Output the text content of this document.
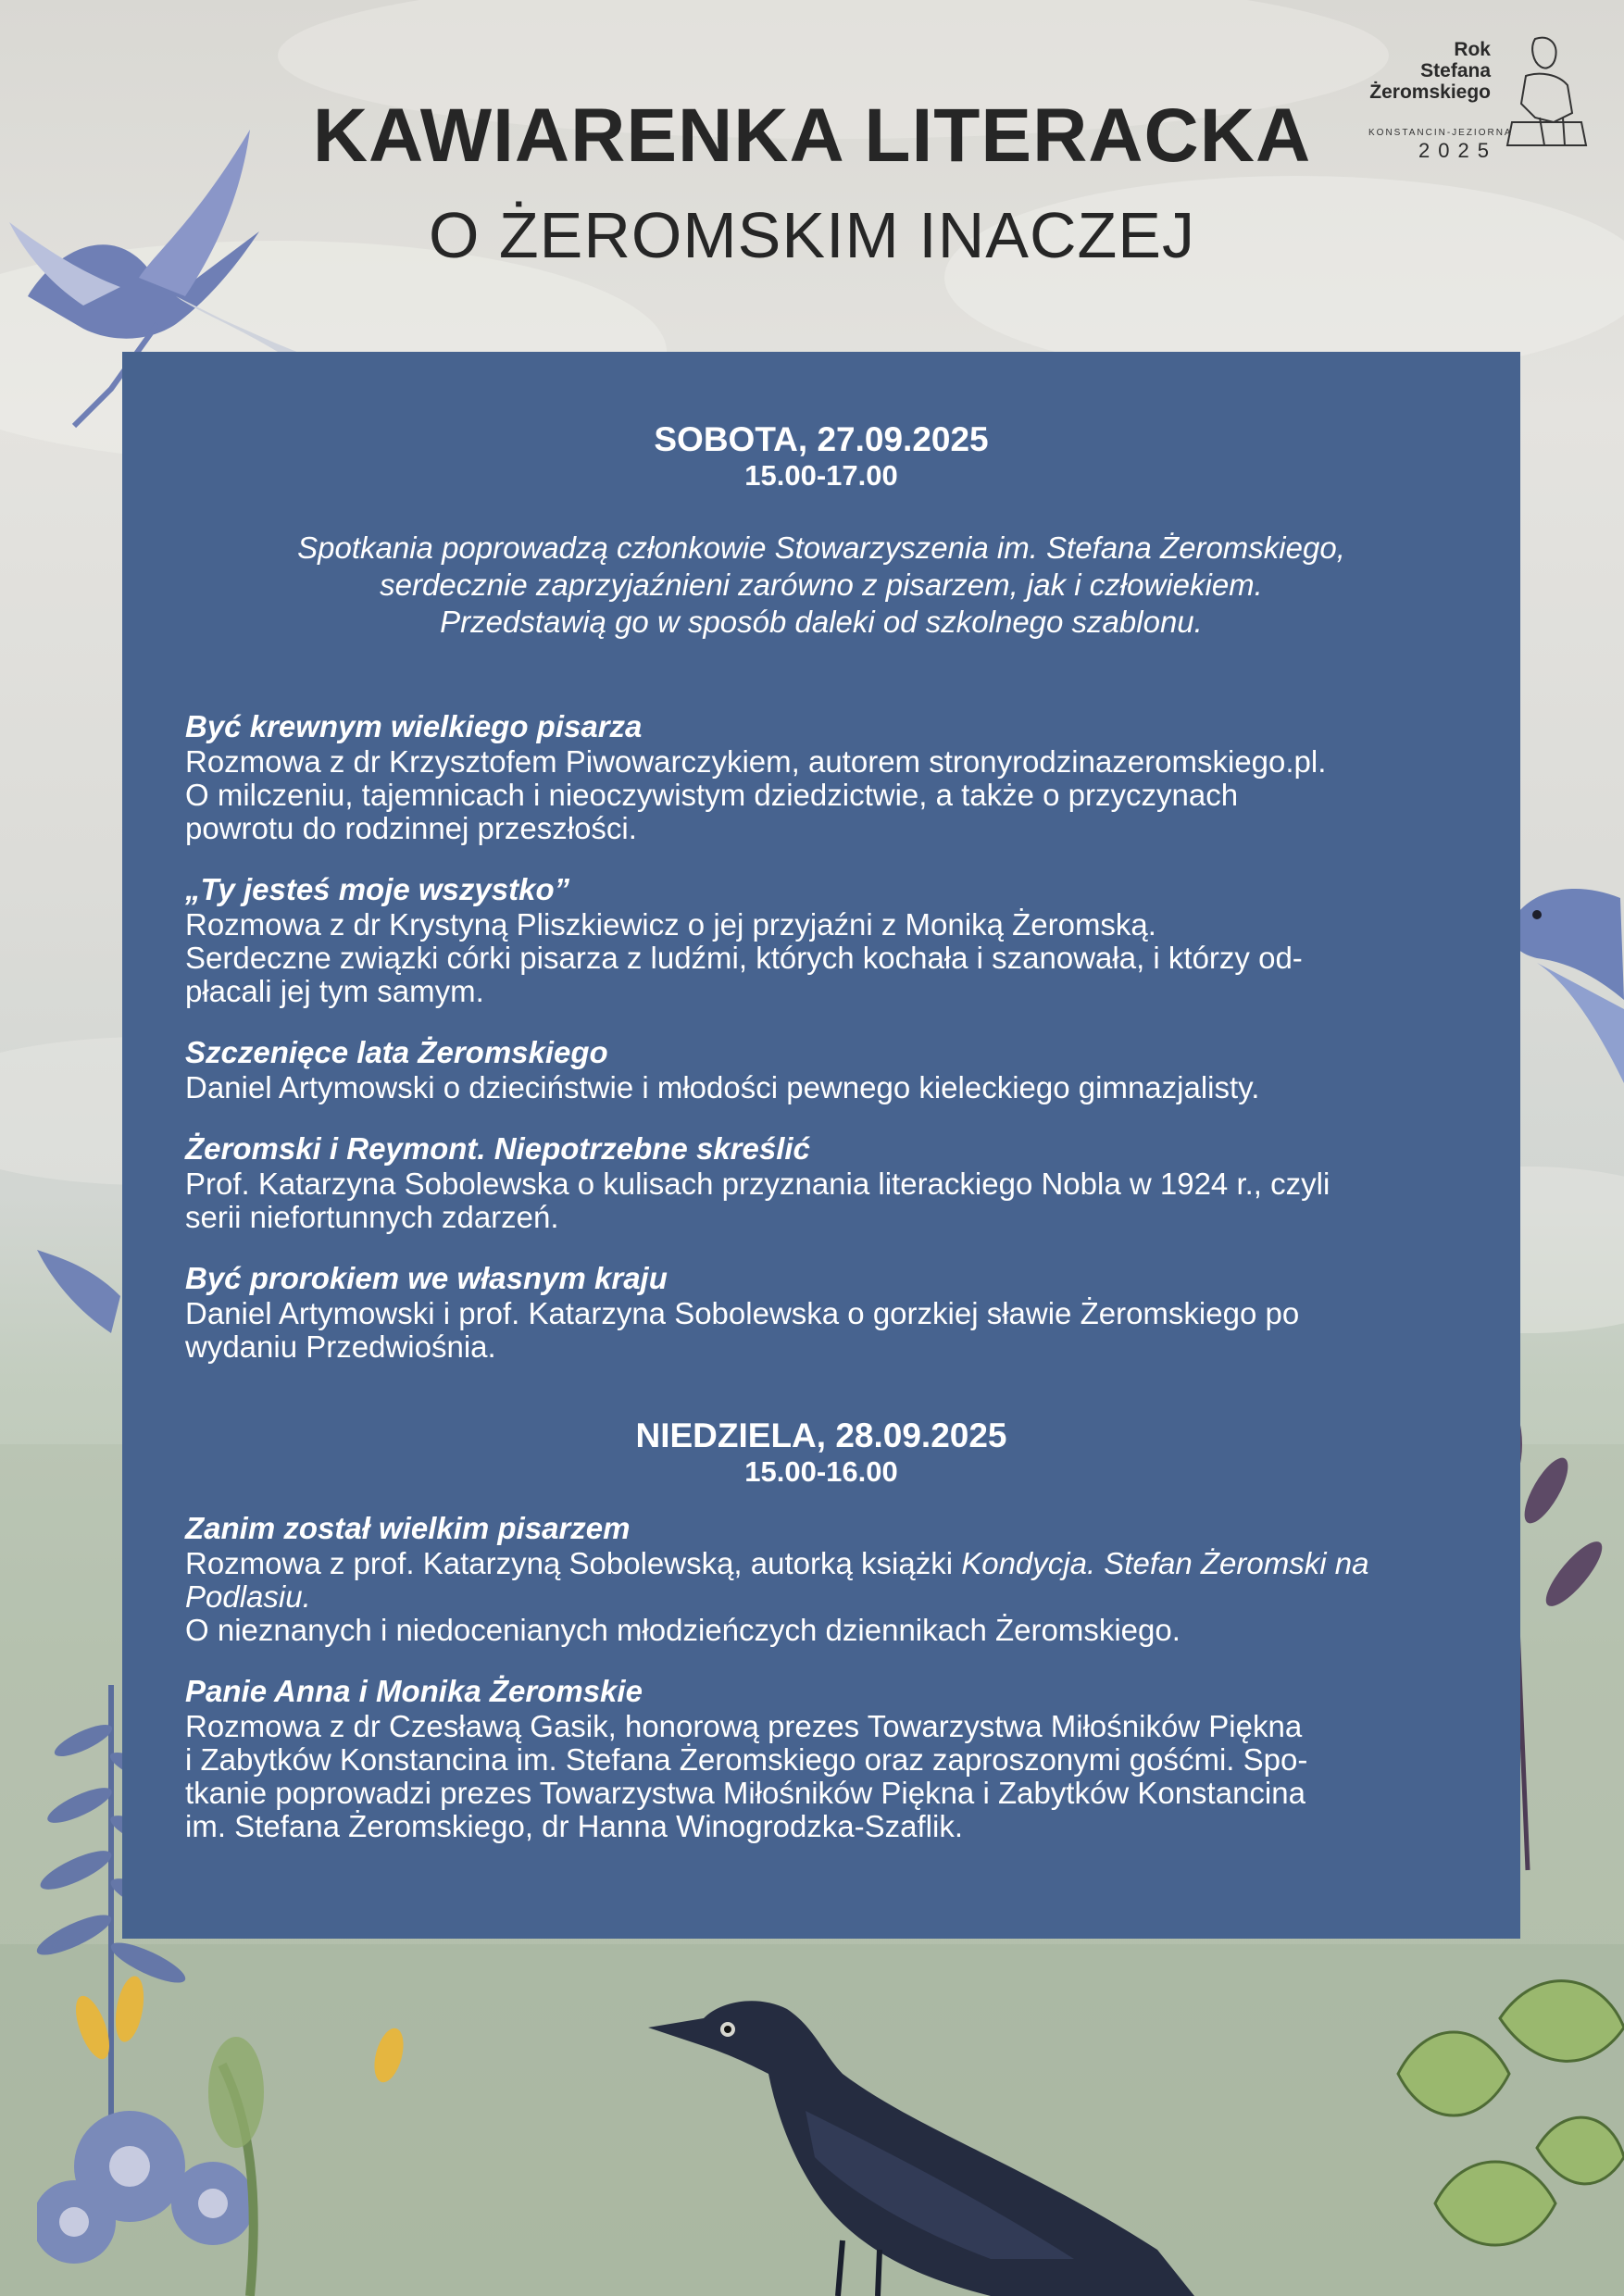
Rok
Stefana
Żeromskiego
KONSTANCIN-JEZIORNA
2025
KAWIARENKA LITERACKA
O ŻEROMSKIM INACZEJ

SOBOTA, 27.09.2025

15.00-17.00

Spotkania poprowadzą członkowie Stowarzyszenia im. Stefana Żeromskiego,

serdecznie zaprzyjaźnieni zarówno z pisarzem, jak i człowiekiem.

Przedstawią go w sposób daleki od szkolnego szablonu.

Być krewnym wielkiego pisarza

Rozmowa z dr Krzysztofem Piwowarczykiem, autorem stronyrodzinazeromskiego.pl.

O milczeniu, tajemnicach i nieoczywistym dziedzictwie, a także o przyczynach

powrotu do rodzinnej przeszłości.

„Ty jesteś moje wszystko”

Rozmowa z dr Krystyną Pliszkiewicz o jej przyjaźni z Moniką Żeromską.

Serdeczne związki córki pisarza z ludźmi, których kochała i szanowała, i którzy od-

płacali jej tym samym.

Szczenięce lata Żeromskiego

Daniel Artymowski o dzieciństwie i młodości pewnego kieleckiego gimnazjalisty.

Żeromski i Reymont. Niepotrzebne skreślić

Prof. Katarzyna Sobolewska o kulisach przyznania literackiego Nobla w 1924 r., czyli

serii niefortunnych zdarzeń.

Być prorokiem we własnym kraju

Daniel Artymowski i prof. Katarzyna Sobolewska o gorzkiej sławie Żeromskiego po

wydaniu Przedwiośnia.

NIEDZIELA, 28.09.2025

15.00-16.00

Zanim został wielkim pisarzem

Rozmowa z prof. Katarzyną Sobolewską, autorką książki Kondycja. Stefan Żeromski na

Podlasiu.

O nieznanych i niedocenianych młodzieńczych dziennikach Żeromskiego.

Panie Anna i Monika Żeromskie

Rozmowa z dr Czesławą Gasik, honorową prezes Towarzystwa Miłośników Piękna

i Zabytków Konstancina im. Stefana Żeromskiego oraz zaproszonymi gośćmi. Spo-

tkanie poprowadzi prezes Towarzystwa Miłośników Piękna i Zabytków Konstancina

im. Stefana Żeromskiego, dr Hanna Winogrodzka-Szaflik.
